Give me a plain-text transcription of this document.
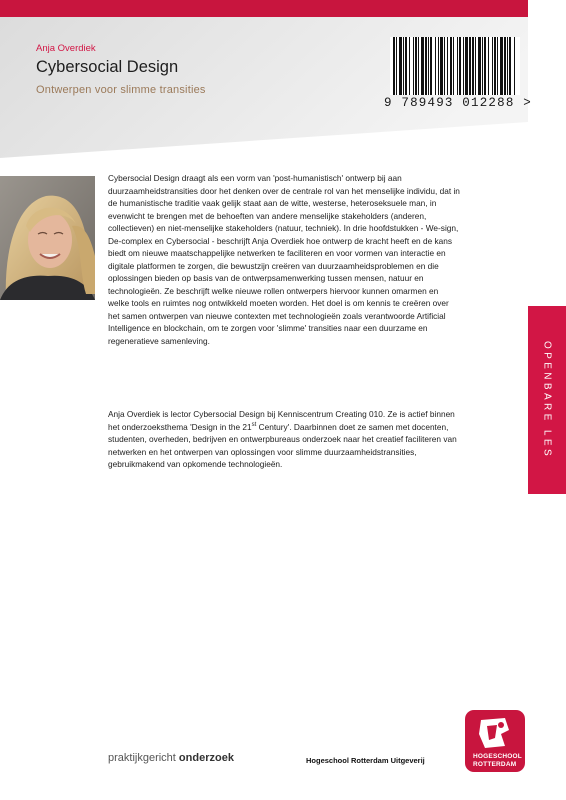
Anja Overdiek
Cybersocial Design
Ontwerpen voor slimme transities
9 789493 012288 >
Cybersocial Design draagt als een vorm van 'post-humanistisch' ontwerp bij aan duurzaamheidstransities door het denken over de centrale rol van het menselijke individu, dat in de humanistische traditie vaak gelijk staat aan de witte, westerse, heteroseksuele man, in evenwicht te brengen met de behoeften van andere menselijke stakeholders (anderen, collectieven) en niet-menselijke stakeholders (natuur, techniek). In drie hoofdstukken - We-sign, De-complex en Cybersocial - beschrijft Anja Overdiek hoe ontwerp de kracht heeft en de kans biedt om nieuwe maatschappelijke netwerken te faciliteren en voor vormen van interactie en digitale platformen te zorgen, die bewustzijn creëren van duurzaamheidsproblemen en die oplossingen bieden op basis van de ontwerpsamenwerking tussen mensen, natuur en technologieën. Ze beschrijft welke nieuwe rollen ontwerpers hiervoor kunnen omarmen en welke tools en ruimtes nog ontwikkeld moeten worden. Het doel is om kennis te creëren over het samen ontwerpen van nieuwe contexten met technologieën zoals verantwoorde Artificial Intelligence en blockchain, om te zorgen voor 'slimme' transities naar een duurzame en regeneratieve samenleving.
Anja Overdiek is lector Cybersocial Design bij Kenniscentrum Creating 010. Ze is actief binnen het onderzoeksthema 'Design in the 21st Century'. Daarbinnen doet ze samen met docenten, studenten, overheden, bedrijven en ontwerpbureaus onderzoek naar het creatief faciliteren van netwerken en het ontwerpen van oplossingen voor slimme duurzaamheidstransities, gebruikmakend van opkomende technologieën.
OPENBARE LES
praktijkgericht onderzoek	Hogeschool Rotterdam Uitgeverij	HOGESCHOOL
ROTTERDAM
